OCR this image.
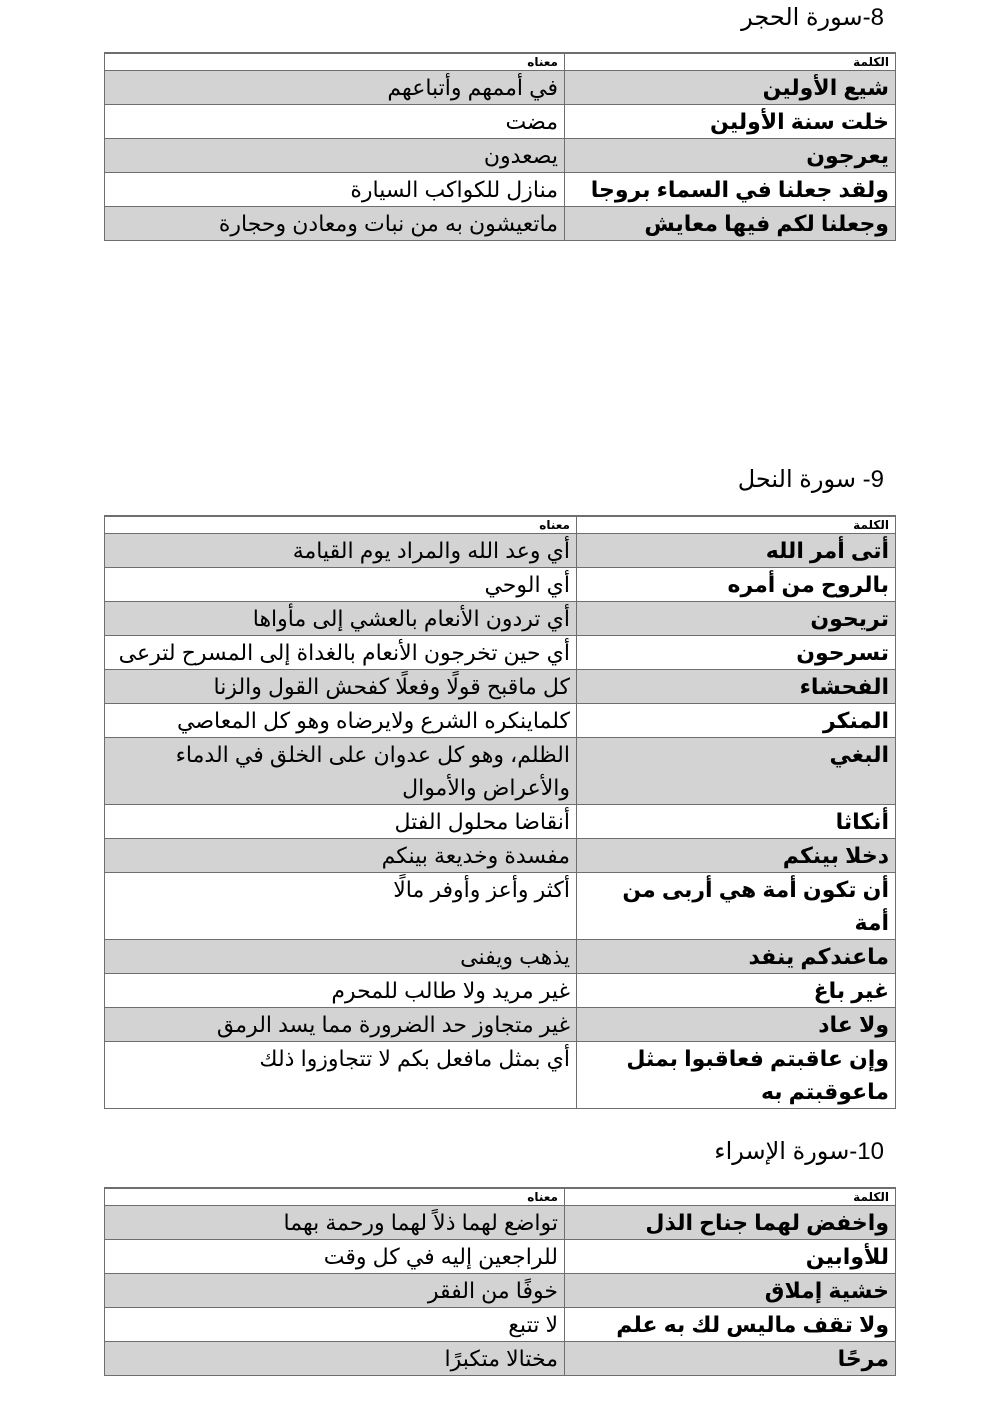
8-سورة الحجر
الكلمة	معناه
شيع الأولين	في أممهم وأتباعهم
خلت سنة الأولين	مضت
يعرجون	يصعدون
ولقد جعلنا في السماء بروجا	منازل للكواكب السيارة
وجعلنا لكم فيها معايش	ماتعيشون به من نبات ومعادن وحجارة
9- سورة النحل
الكلمة	معناه
أتى أمر الله	أي وعد الله والمراد يوم القيامة
بالروح من أمره	أي الوحي
تريحون	أي تردون الأنعام بالعشي إلى مأواها
تسرحون	أي حين تخرجون الأنعام بالغداة إلى المسرح لترعى
الفحشاء	كل ماقبح قولًا وفعلًا كفحش القول والزنا
المنكر	كلماينكره الشرع ولايرضاه وهو كل المعاصي
البغي	الظلم، وهو كل عدوان على الخلق في الدماء والأعراض والأموال
أنكاثا	أنقاضا محلول الفتل
دخلا بينكم	مفسدة وخديعة بينكم
أن تكون أمة هي أربى من أمة	أكثر وأعز وأوفر مالًا
ماعندكم ينفد	يذهب ويفنى
غير باغ	غير مريد ولا طالب للمحرم
ولا عاد	غير متجاوز حد الضرورة مما يسد الرمق
وإن عاقبتم فعاقبوا بمثل ماعوقبتم به	أي بمثل مافعل بكم لا تتجاوزوا ذلك
10-سورة الإسراء
الكلمة	معناه
واخفض لهما جناح الذل	تواضع لهما ذلاً لهما ورحمة بهما
للأوابين	للراجعين إليه في كل وقت
خشية إملاق	خوفًا من الفقر
ولا تقف ماليس لك به علم	لا تتبع
مرحًا	مختالا متكبرًا
